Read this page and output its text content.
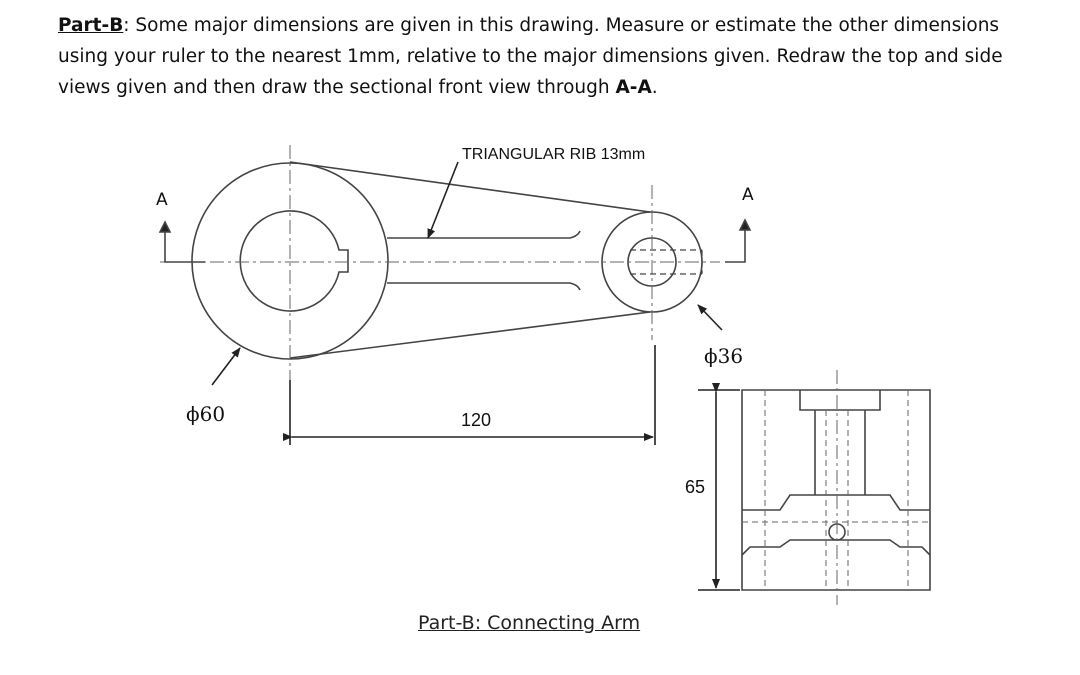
Part-B: Some major dimensions are given in this drawing. Measure or estimate the other dimensions using your ruler to the nearest 1mm, relative to the major dimensions given. Redraw the top and side views given and then draw the sectional front view through A-A.
TRIANGULAR RIB 13mm
A	A
ϕ60
ϕ36
120
65
Part-B: Connecting Arm
